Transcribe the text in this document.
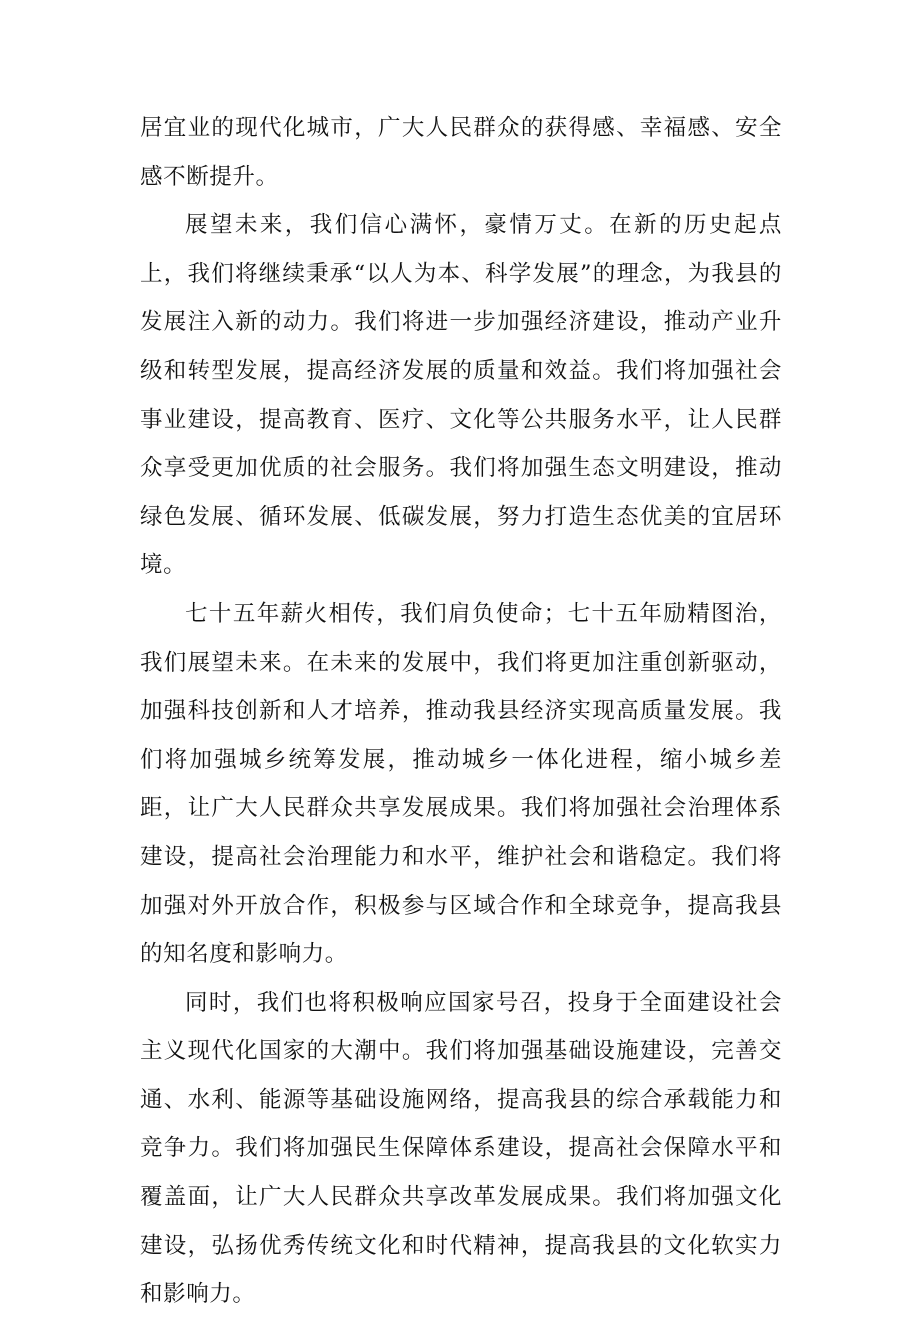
居宜业的现代化城市，广大人民群众的获得感、幸福感、安全感不断提升。

展望未来，我们信心满怀，豪情万丈。在新的历史起点上，我们将继续秉承“以人为本、科学发展”的理念，为我县的发展注入新的动力。我们将进一步加强经济建设，推动产业升级和转型发展，提高经济发展的质量和效益。我们将加强社会事业建设，提高教育、医疗、文化等公共服务水平，让人民群众享受更加优质的社会服务。我们将加强生态文明建设，推动绿色发展、循环发展、低碳发展，努力打造生态优美的宜居环境。

七十五年薪火相传，我们肩负使命；七十五年励精图治，我们展望未来。在未来的发展中，我们将更加注重创新驱动，加强科技创新和人才培养，推动我县经济实现高质量发展。我们将加强城乡统筹发展，推动城乡一体化进程，缩小城乡差距，让广大人民群众共享发展成果。我们将加强社会治理体系建设，提高社会治理能力和水平，维护社会和谐稳定。我们将加强对外开放合作，积极参与区域合作和全球竞争，提高我县的知名度和影响力。

同时，我们也将积极响应国家号召，投身于全面建设社会主义现代化国家的大潮中。我们将加强基础设施建设，完善交通、水利、能源等基础设施网络，提高我县的综合承载能力和竞争力。我们将加强民生保障体系建设，提高社会保障水平和覆盖面，让广大人民群众共享改革发展成果。我们将加强文化建设，弘扬优秀传统文化和时代精神，提高我县的文化软实力和影响力。
